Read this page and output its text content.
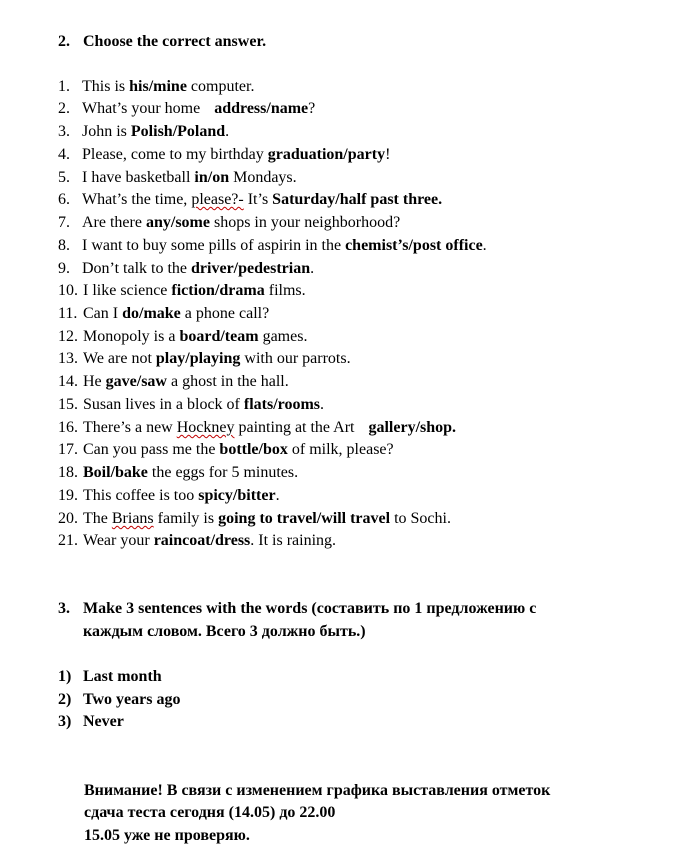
2. Choose the correct answer.
1. This is his/mine computer.
2. What’s your home address/name?
3. John is Polish/Poland.
4. Please, come to my birthday graduation/party!
5. I have basketball in/on Mondays.
6. What’s the time, please?- It’s Saturday/half past three.
7. Are there any/some shops in your neighborhood?
8. I want to buy some pills of aspirin in the chemist’s/post office.
9. Don’t talk to the driver/pedestrian.
10. I like science fiction/drama films.
11. Can I do/make a phone call?
12. Monopoly is a board/team games.
13. We are not play/playing with our parrots.
14. He gave/saw a ghost in the hall.
15. Susan lives in a block of flats/rooms.
16. There’s a new Hockney painting at the Art gallery/shop.
17. Can you pass me the bottle/box of milk, please?
18. Boil/bake the eggs for 5 minutes.
19. This coffee is too spicy/bitter.
20. The Brians family is going to travel/will travel to Sochi.
21. Wear your raincoat/dress. It is raining.
3. Make 3 sentences with the words (составить по 1 предложению с
каждым словом. Всего 3 должно быть.)
1) Last month
2) Two years ago
3) Never
Внимание! В связи с изменением графика выставления отметок
сдача теста сегодня (14.05) до 22.00
15.05 уже не проверяю.
